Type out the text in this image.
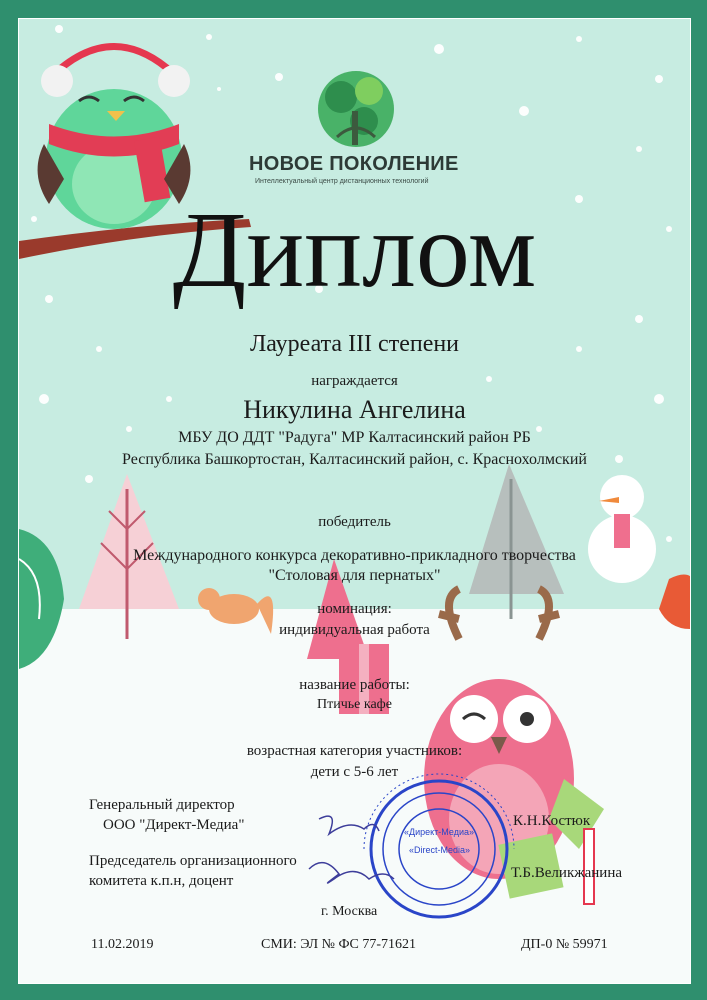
НОВОЕ ПОКОЛЕНИЕ
Интеллектуальный центр дистанционных технологий
Диплом
Лауреата III степени
награждается
Никулина Ангелина
МБУ ДО ДДТ "Радуга" МР Калтасинский район РБ
Республика Башкортостан, Калтасинский район, с. Краснохолмский
победитель
Международного конкурса декоративно-прикладного творчества
"Столовая для пернатых"
номинация:
индивидуальная работа
название работы:
Птичье кафе
возрастная категория участников:
дети с 5-6 лет
Генеральный директор
ООО "Директ-Медиа"	К.Н.Костюк
Председатель организационного
комитета к.п.н, доцент	Т.Б.Великжанина
«Директ-Медиа»
«Direct-Media»
г. Москва
11.02.2019	СМИ: ЭЛ № ФС 77-71621	ДП-0 № 59971
